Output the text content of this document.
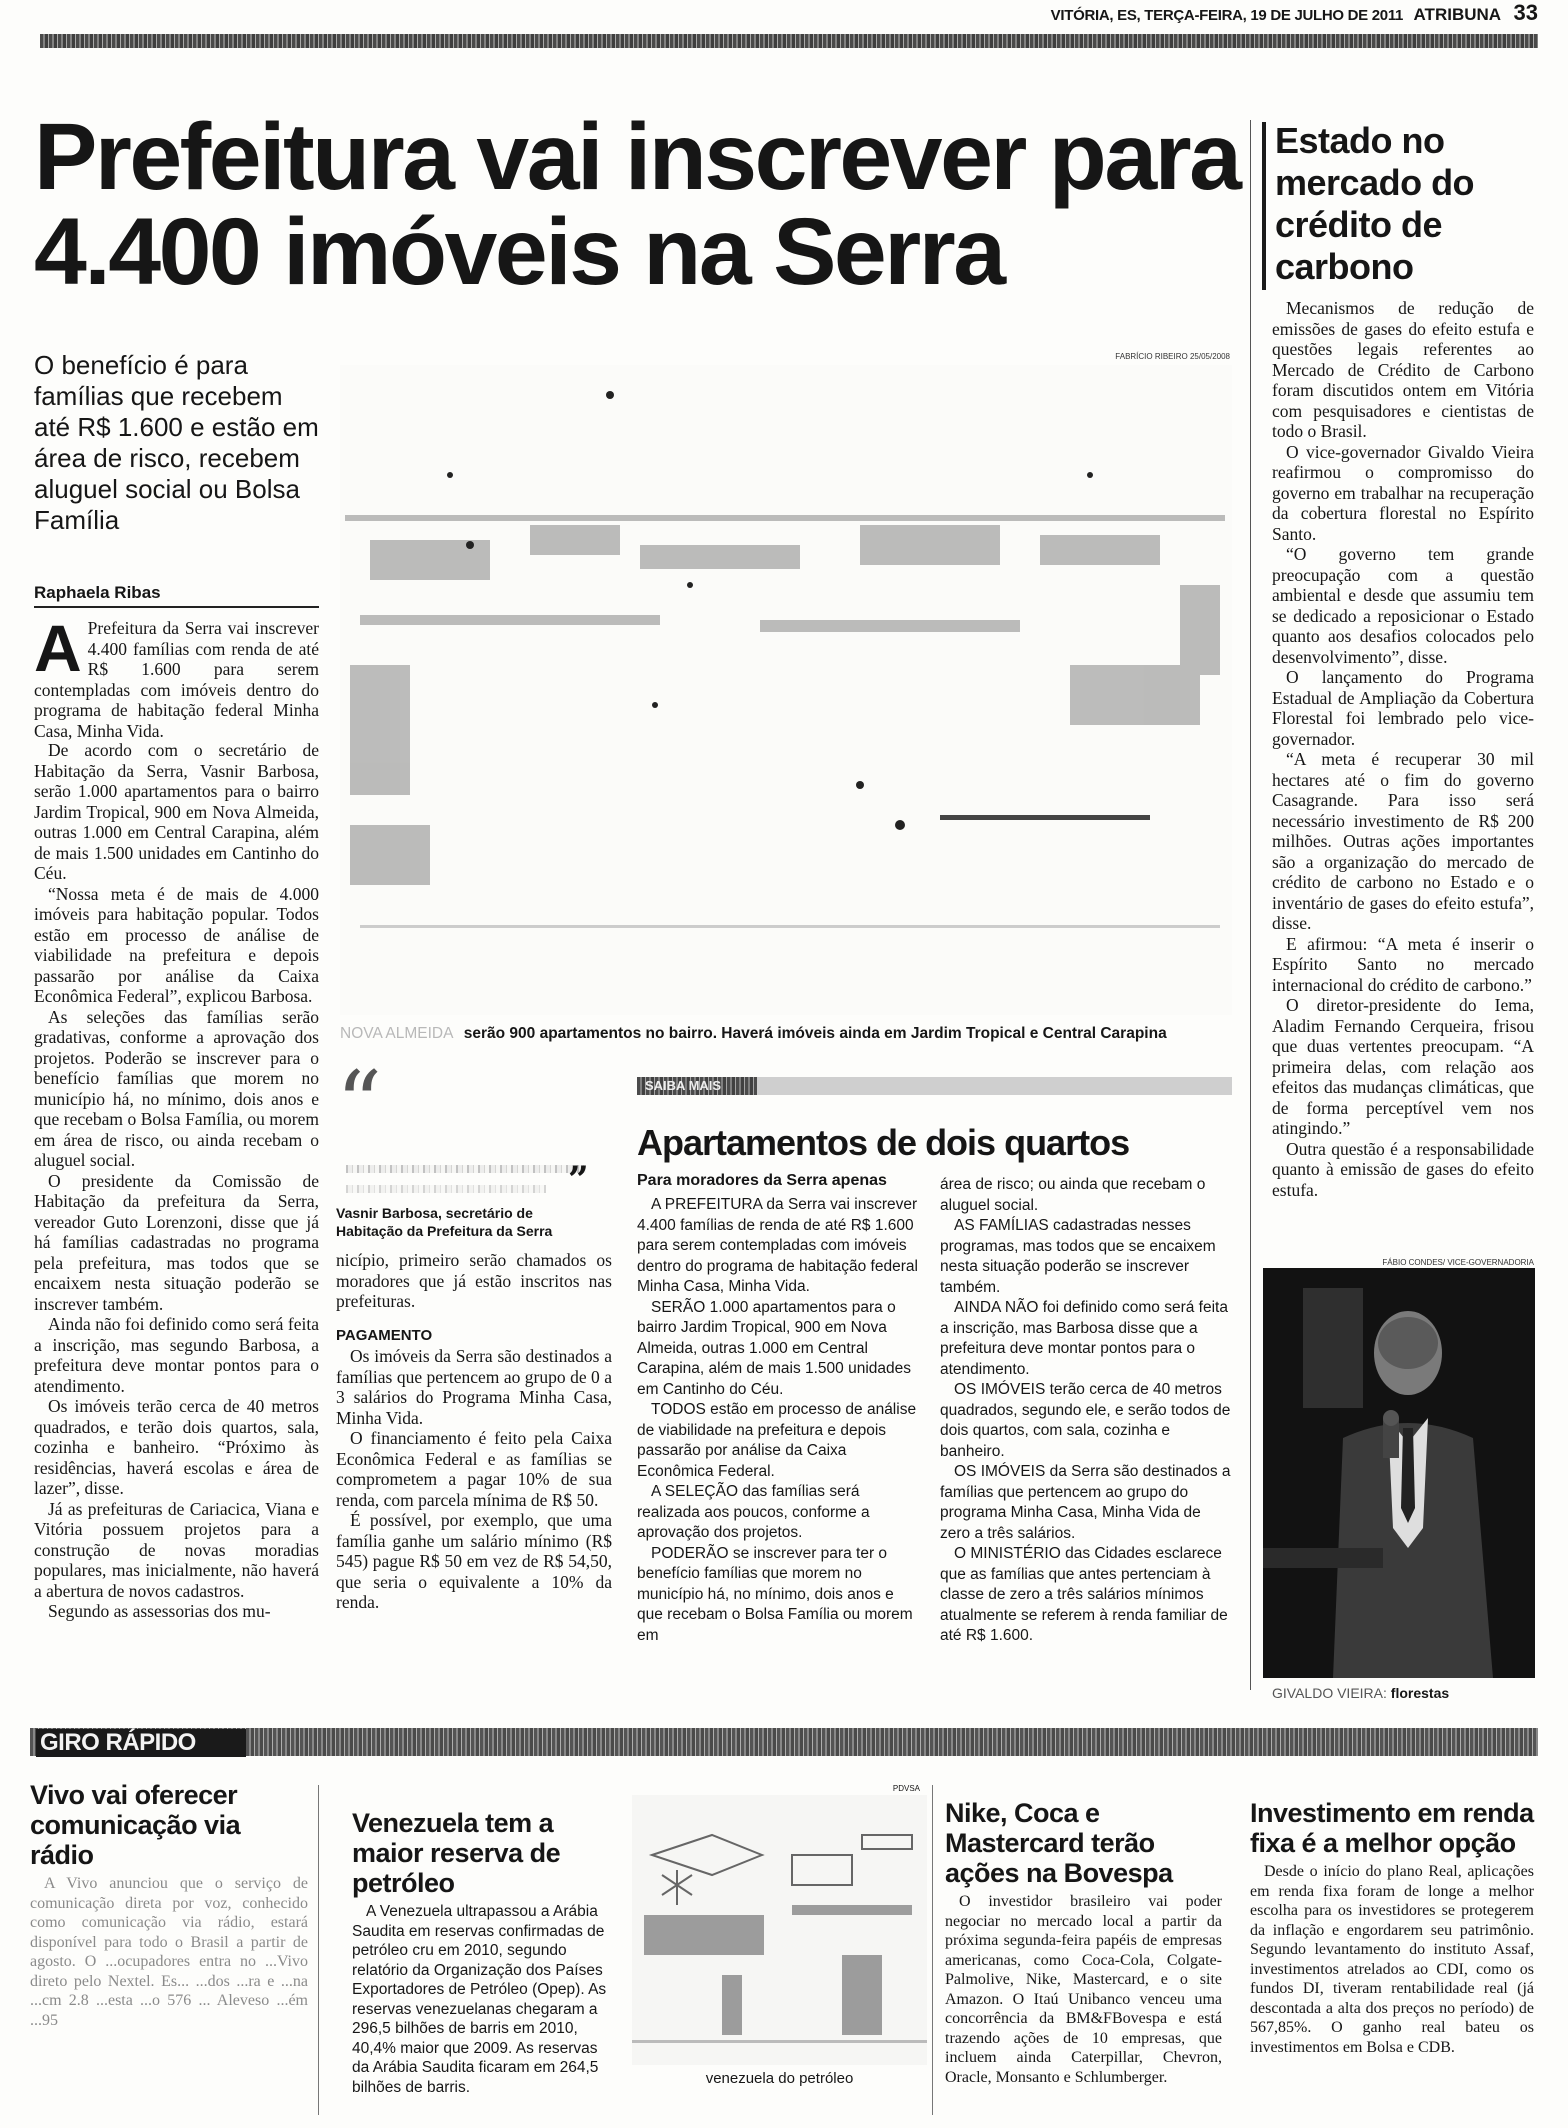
VITÓRIA, ES, TERÇA-FEIRA, 19 DE JULHO DE 2011 ATRIBUNA 33
Prefeitura vai inscrever para
4.400 imóveis na Serra
O benefício é para famílias que recebem até R$ 1.600 e estão em área de risco, recebem aluguel social ou Bolsa Família
Raphaela Ribas
FABRÍCIO RIBEIRO 25/05/2008
NOVA ALMEIDA serão 900 apartamentos no bairro. Haverá imóveis ainda em Jardim Tropical e Central Carapina
A Prefeitura da Serra vai inscrever 4.400 famílias com renda de até R$ 1.600 para serem contempladas com imóveis dentro do programa de habitação federal Minha Casa, Minha Vida.

De acordo com o secretário de Habitação da Serra, Vasnir Barbosa, serão 1.000 apartamentos para o bairro Jardim Tropical, 900 em Nova Almeida, outras 1.000 em Central Carapina, além de mais 1.500 unidades em Cantinho do Céu.

“Nossa meta é de mais de 4.000 imóveis para habitação popular. Todos estão em processo de análise de viabilidade na prefeitura e depois passarão por análise da Caixa Econômica Federal”, explicou Barbosa.

As seleções das famílias serão gradativas, conforme a aprovação dos projetos. Poderão se inscrever para o benefício famílias que morem no município há, no mínimo, dois anos e que recebam o Bolsa Família, ou morem em área de risco, ou ainda recebam o aluguel social.

O presidente da Comissão de Habitação da prefeitura da Serra, vereador Guto Lorenzoni, disse que já há famílias cadastradas no programa pela prefeitura, mas todos que se encaixem nesta situação poderão se inscrever também.

Ainda não foi definido como será feita a inscrição, mas segundo Barbosa, a prefeitura deve montar pontos para o atendimento.

Os imóveis terão cerca de 40 metros quadrados, e terão dois quartos, sala, cozinha e banheiro. “Próximo às residências, haverá escolas e área de lazer”, disse.

Já as prefeituras de Cariacica, Viana e Vitória possuem projetos para a construção de novas moradias populares, mas inicialmente, não haverá a abertura de novos cadastros.

Segundo as assessorias dos mu-

“
”
Vasnir Barbosa, secretário de Habitação da Prefeitura da Serra

nicípio, primeiro serão chamados os moradores que já estão inscritos nas prefeituras.

PAGAMENTO

Os imóveis da Serra são destinados a famílias que pertencem ao grupo de 0 a 3 salários do Programa Minha Casa, Minha Vida.

O financiamento é feito pela Caixa Econômica Federal e as famílias se comprometem a pagar 10% de sua renda, com parcela mínima de R$ 50.

É possível, por exemplo, que uma família ganhe um salário mínimo (R$ 545) pague R$ 50 em vez de R$ 54,50, que seria o equivalente a 10% da renda.

SAIBA MAIS
Apartamentos de dois quartos
Para moradores da Serra apenas

A PREFEITURA da Serra vai inscrever 4.400 famílias de renda de até R$ 1.600 para serem contempladas com imóveis dentro do programa de habitação federal Minha Casa, Minha Vida.

SERÃO 1.000 apartamentos para o bairro Jardim Tropical, 900 em Nova Almeida, outras 1.000 em Central Carapina, além de mais 1.500 unidades em Cantinho do Céu.

TODOS estão em processo de análise de viabilidade na prefeitura e depois passarão por análise da Caixa Econômica Federal.

A SELEÇÃO das famílias será realizada aos poucos, conforme a aprovação dos projetos.

PODERÃO se inscrever para ter o benefício famílias que morem no município há, no mínimo, dois anos e que recebam o Bolsa Família ou morem em

área de risco; ou ainda que recebam o aluguel social.

AS FAMÍLIAS cadastradas nesses programas, mas todos que se encaixem nesta situação poderão se inscrever também.

AINDA NÃO foi definido como será feita a inscrição, mas Barbosa disse que a prefeitura deve montar pontos para o atendimento.

OS IMÓVEIS terão cerca de 40 metros quadrados, segundo ele, e serão todos de dois quartos, com sala, cozinha e banheiro.

OS IMÓVEIS da Serra são destinados a famílias que pertencem ao grupo do programa Minha Casa, Minha Vida de zero a três salários.

O MINISTÉRIO das Cidades esclarece que as famílias que antes pertenciam à classe de zero a três salários mínimos atualmente se referem à renda familiar de até R$ 1.600.

Estado no mercado do crédito de carbono

Mecanismos de redução de emissões de gases do efeito estufa e questões legais referentes ao Mercado de Crédito de Carbono foram discutidos ontem em Vitória com pesquisadores e cientistas de todo o Brasil.

O vice-governador Givaldo Vieira reafirmou o compromisso do governo em trabalhar na recuperação da cobertura florestal no Espírito Santo.

“O governo tem grande preocupação com a questão ambiental e desde que assumiu tem se dedicado a reposicionar o Estado quanto aos desafios colocados pelo desenvolvimento”, disse.

O lançamento do Programa Estadual de Ampliação da Cobertura Florestal foi lembrado pelo vice-governador.

“A meta é recuperar 30 mil hectares até o fim do governo Casagrande. Para isso será necessário investimento de R$ 200 milhões. Outras ações importantes são a organização do mercado de crédito de carbono no Estado e o inventário de gases do efeito estufa”, disse.

E afirmou: “A meta é inserir o Espírito Santo no mercado internacional do crédito de carbono.”

O diretor-presidente do Iema, Aladim Fernando Cerqueira, frisou que duas vertentes preocupam. “A primeira delas, com relação aos efeitos das mudanças climáticas, que de forma perceptível vem nos atingindo.”

Outra questão é a responsabilidade quanto à emissão de gases do efeito estufa.

FÁBIO CONDES/ VICE-GOVERNADORIA
GIVALDO VIEIRA: florestas
GIRO RÁPIDO
Vivo vai oferecer comunicação via rádio
A Vivo anunciou que o serviço de comunicação direta por voz, conhecido como comunicação via rádio, estará disponível para todo o Brasil a partir de agosto. O ...ocupadores entra no ...Vivo direto pelo Nextel. Es... ...dos ...ra e ...na ...cm 2.8 ...esta ...o 576 ... Aleveso ...ém ...95
Venezuela tem a maior reserva de petróleo
A Venezuela ultrapassou a Arábia Saudita em reservas confirmadas de petróleo cru em 2010, segundo relatório da Organização dos Países Exportadores de Petróleo (Opep). As reservas venezuelanas chegaram a 296,5 bilhões de barris em 2010, 40,4% maior que 2009. As reservas da Arábia Saudita ficaram em 264,5 bilhões de barris.
PDVSA
venezuela do petróleo
Nike, Coca e Mastercard terão ações na Bovespa
O investidor brasileiro vai poder negociar no mercado local a partir da próxima segunda-feira papéis de empresas americanas, como Coca-Cola, Colgate-Palmolive, Nike, Mastercard, e o site Amazon. O Itaú Unibanco venceu uma concorrência da BM&FBovespa e está trazendo ações de 10 empresas, que incluem ainda Caterpillar, Chevron, Oracle, Monsanto e Schlumberger.
Investimento em renda fixa é a melhor opção
Desde o início do plano Real, aplicações em renda fixa foram de longe a melhor escolha para os investidores se protegerem da inflação e engordarem seu patrimônio. Segundo levantamento do instituto Assaf, investimentos atrelados ao CDI, como os fundos DI, tiveram rentabilidade real (já descontada a alta dos preços no período) de 567,85%. O ganho real bateu os investimentos em Bolsa e CDB.
